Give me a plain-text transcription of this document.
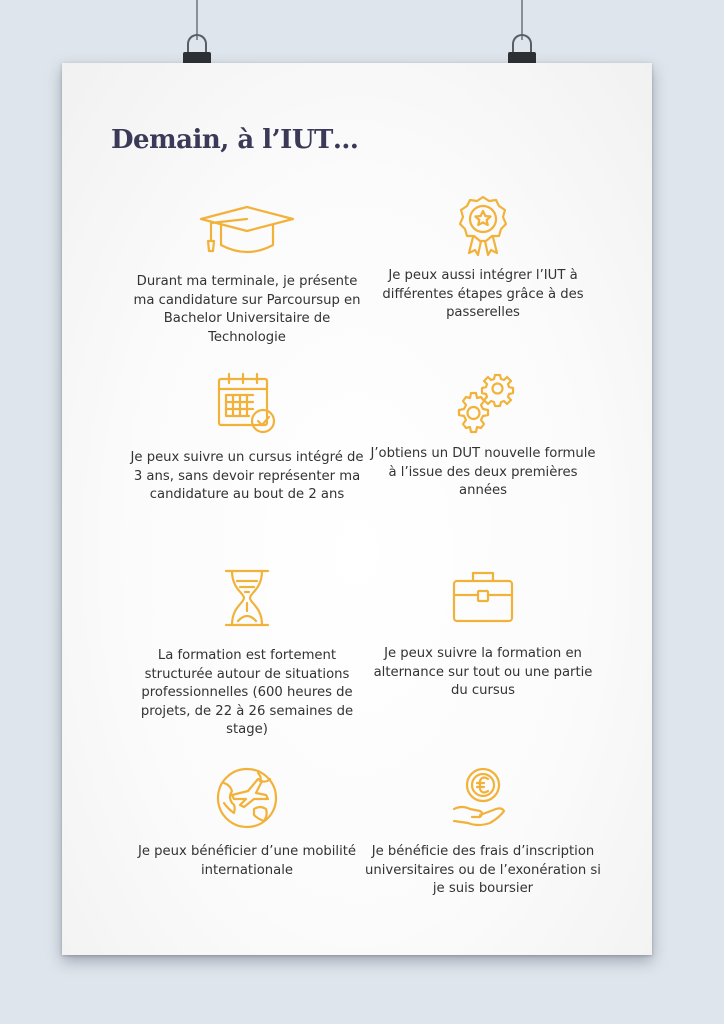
Demain, à l’IUT…
Durant ma terminale, je présente ma candidature sur Parcoursup en Bachelor Universitaire de Technologie
Je peux aussi intégrer l’IUT à différentes étapes grâce à des passerelles
Je peux suivre un cursus intégré de 3 ans, sans devoir représenter ma candidature au bout de 2 ans
J’obtiens un DUT nouvelle formule à l’issue des deux premières années
La formation est fortement structurée autour de situations professionnelles (600 heures de projets, de 22 à 26 semaines de stage)
Je peux suivre la formation en alternance sur tout ou une partie du cursus
Je peux bénéficier d’une mobilité internationale
Je bénéficie des frais d’inscription universitaires ou de l’exonération si je suis boursier
